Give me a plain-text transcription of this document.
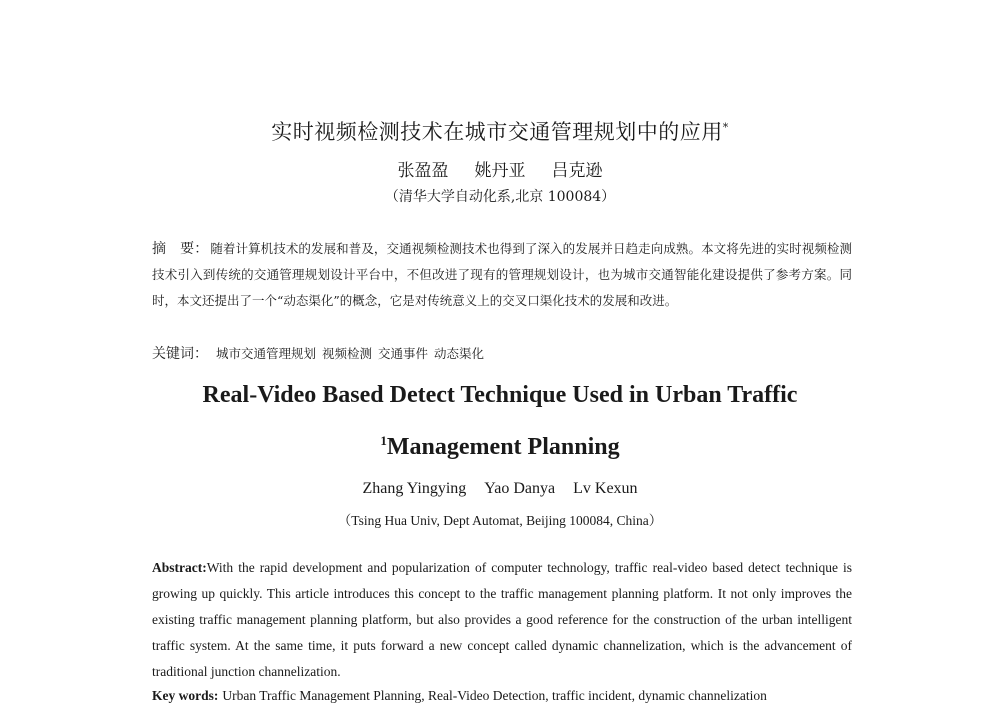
实时视频检测技术在城市交通管理规划中的应用*
张盈盈 姚丹亚 吕克逊
（清华大学自动化系,北京 100084）
摘　要： 随着计算机技术的发展和普及，交通视频检测技术也得到了深入的发展并日趋走向成熟。本文将先进的实时视频检测技术引入到传统的交通管理规划设计平台中，不但改进了现有的管理规划设计，也为城市交通智能化建设提供了参考方案。同时，本文还提出了一个“动态渠化”的概念，它是对传统意义上的交叉口渠化技术的发展和改进。
关键词： 城市交通管理规划 视频检测 交通事件 动态渠化
Real-Video Based Detect Technique Used in Urban Traffic
$^1$Management Planning
Zhang Yingying Yao Danya Lv Kexun
（Tsing Hua Univ, Dept Automat, Beijing 100084, China）
Abstract:With the rapid development and popularization of computer technology, traffic real-video based detect technique is growing up quickly. This article introduces this concept to the traffic management planning platform. It not only improves the existing traffic management planning platform, but also provides a good reference for the construction of the urban intelligent traffic system. At the same time, it puts forward a new concept called dynamic channelization, which is the advancement of traditional junction channelization.
Key words: Urban Traffic Management Planning, Real-Video Detection, traffic incident, dynamic channelization
